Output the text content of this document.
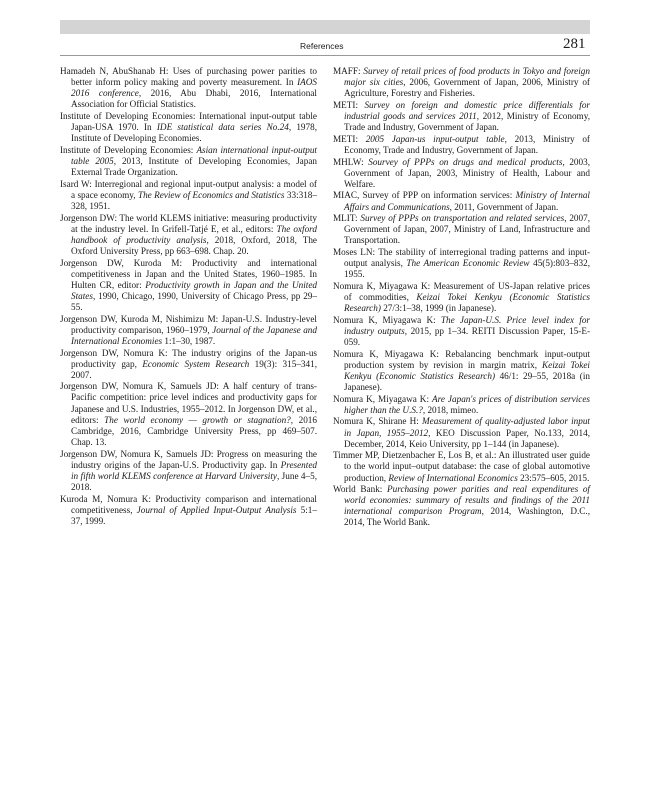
References	281

Hamadeh N, AbuShanab H: Uses of purchasing power parities to better inform policy making and poverty measurement. In IAOS 2016 conference, 2016, Abu Dhabi, 2016, International Association for Official Statistics.

Institute of Developing Economies: International input-output table Japan-USA 1970. In IDE statistical data series No.24, 1978, Institute of Developing Economies.

Institute of Developing Economies: Asian international input-output table 2005, 2013, Institute of Developing Economies, Japan External Trade Organization.

Isard W: Interregional and regional input-output analysis: a model of a space economy, The Review of Economics and Statistics 33:318–328, 1951.

Jorgenson DW: The world KLEMS initiative: measuring productivity at the industry level. In Grifell-Tatjé E, et al., editors: The oxford handbook of productivity analysis, 2018, Oxford, 2018, The Oxford University Press, pp 663–698. Chap. 20.

Jorgenson DW, Kuroda M: Productivity and international competitiveness in Japan and the United States, 1960–1985. In Hulten CR, editor: Productivity growth in Japan and the United States, 1990, Chicago, 1990, University of Chicago Press, pp 29–55.

Jorgenson DW, Kuroda M, Nishimizu M: Japan-U.S. Industry-level productivity comparison, 1960–1979, Journal of the Japanese and International Economies 1:1–30, 1987.

Jorgenson DW, Nomura K: The industry origins of the Japan-us productivity gap, Economic System Research 19(3): 315–341, 2007.

Jorgenson DW, Nomura K, Samuels JD: A half century of trans-Pacific competition: price level indices and productivity gaps for Japanese and U.S. Industries, 1955–2012. In Jorgenson DW, et al., editors: The world economy — growth or stagnation?, 2016 Cambridge, 2016, Cambridge University Press, pp 469–507. Chap. 13.

Jorgenson DW, Nomura K, Samuels JD: Progress on measuring the industry origins of the Japan-U.S. Productivity gap. In Presented in fifth world KLEMS conference at Harvard University, June 4–5, 2018.

Kuroda M, Nomura K: Productivity comparison and international competitiveness, Journal of Applied Input-Output Analysis 5:1–37, 1999.

MAFF: Survey of retail prices of food products in Tokyo and foreign major six cities, 2006, Government of Japan, 2006, Ministry of Agriculture, Forestry and Fisheries.

METI: Survey on foreign and domestic price differentials for industrial goods and services 2011, 2012, Ministry of Economy, Trade and Industry, Government of Japan.

METI: 2005 Japan-us input-output table, 2013, Ministry of Economy, Trade and Industry, Government of Japan.

MHLW: Sourvey of PPPs on drugs and medical products, 2003, Government of Japan, 2003, Ministry of Health, Labour and Welfare.

MIAC, Survey of PPP on information services: Ministry of Internal Affairs and Communications, 2011, Government of Japan.

MLIT: Survey of PPPs on transportation and related services, 2007, Government of Japan, 2007, Ministry of Land, Infrastructure and Transportation.

Moses LN: The stability of interregional trading patterns and input-output analysis, The American Economic Review 45(5):803–832, 1955.

Nomura K, Miyagawa K: Measurement of US-Japan relative prices of commodities, Keizai Tokei Kenkyu (Economic Statistics Research) 27/3:1–38, 1999 (in Japanese).

Nomura K, Miyagawa K: The Japan-U.S. Price level index for industry outputs, 2015, pp 1–34. REITI Discussion Paper, 15-E-059.

Nomura K, Miyagawa K: Rebalancing benchmark input-output production system by revision in margin matrix, Keizai Tokei Kenkyu (Economic Statistics Research) 46/1: 29–55, 2018a (in Japanese).

Nomura K, Miyagawa K: Are Japan's prices of distribution services higher than the U.S.?, 2018, mimeo.

Nomura K, Shirane H: Measurement of quality-adjusted labor input in Japan, 1955–2012, KEO Discussion Paper, No.133, 2014, December, 2014, Keio University, pp 1–144 (in Japanese).

Timmer MP, Dietzenbacher E, Los B, et al.: An illustrated user guide to the world input–output database: the case of global automotive production, Review of International Economics 23:575–605, 2015.

World Bank: Purchasing power parities and real expenditures of world economies: summary of results and findings of the 2011 international comparison Program, 2014, Washington, D.C., 2014, The World Bank.
